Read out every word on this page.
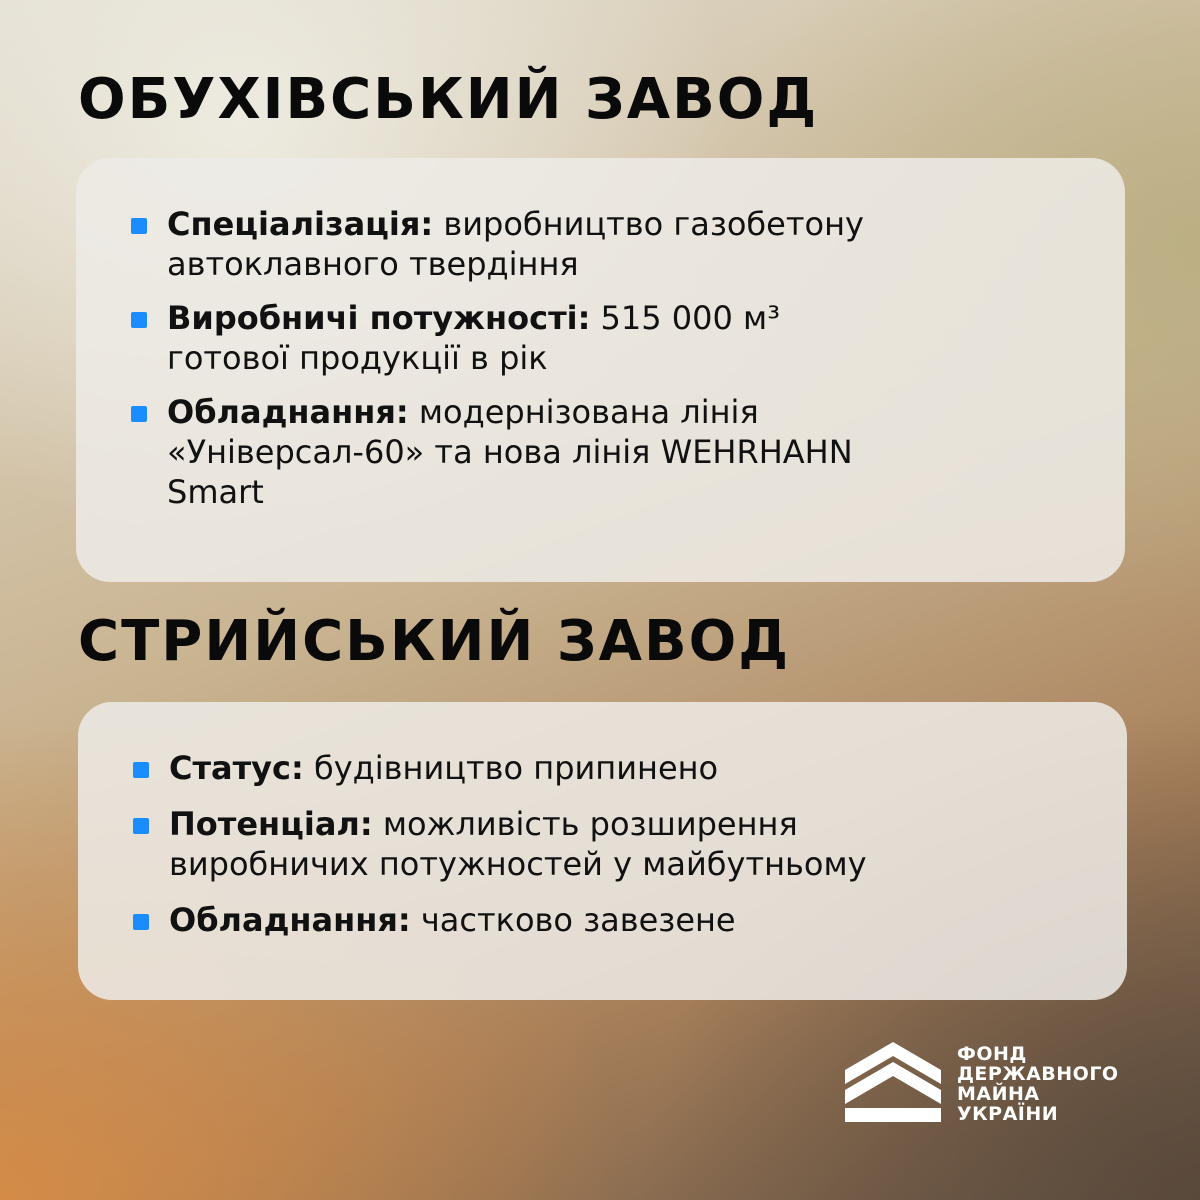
ОБУХІВСЬКИЙ ЗАВОД
Спеціалізація: виробництво газобетону
автоклавного твердіння
Виробничі потужності: 515 000 м³
готової продукції в рік
Обладнання: модернізована лінія
«Універсал-60» та нова лінія WEHRHAHN
Smart
СТРИЙСЬКИЙ ЗАВОД
Статус: будівництво припинено
Потенціал: можливість розширення
виробничих потужностей у майбутньому
Обладнання: частково завезене
ФОНД
ДЕРЖАВНОГО
МАЙНА
УКРАЇНИ
